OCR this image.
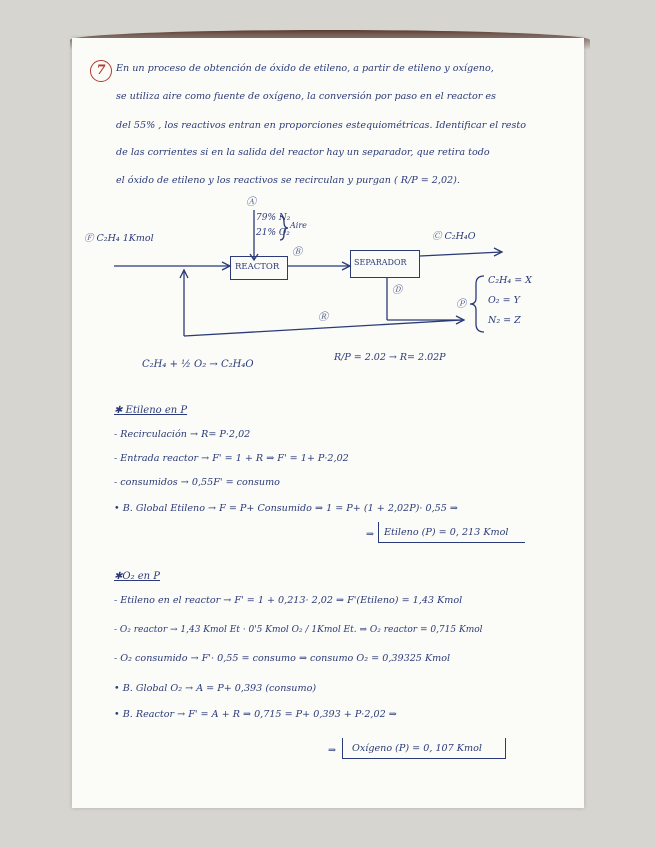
7	En un proceso de obtención de óxido de etileno, a partir de etileno y oxígeno,
se utiliza aire como fuente de oxígeno, la conversión por paso en el reactor es
del 55% , los reactivos entran en proporciones estequiométricas. Identificar el resto
de las corrientes si en la salida del reactor hay un separador, que retira todo
el óxido de etileno y los reactivos se recirculan y purgan ( R/P = 2,02).
Ⓐ
79% N₂
21% O₂
Aire
Ⓕ C₂H₄ 1Kmol
REACTOR
Ⓑ
SEPARADOR
Ⓒ C₂H₄O
Ⓓ
Ⓟ
Ⓡ
C₂H₄ = X
O₂ = Y
N₂ = Z
C₂H₄ + ½ O₂ → C₂H₄O
R/P = 2.02 → R= 2.02P
✱ Etileno en P
- Recirculación → R= P·2,02
- Entrada reactor → F' = 1 + R ⇒ F' = 1+ P·2,02
- consumidos → 0,55F' = consumo
• B. Global Etileno → F = P+ Consumido ⇒ 1 = P+ (1 + 2,02P)· 0,55 ⇒
⇒ Etileno (P) = 0, 213 Kmol
✱O₂ en P
- Etileno en el reactor → F' = 1 + 0,213· 2,02 ⇒ F'(Etileno) = 1,43 Kmol
- O₂ reactor → 1,43 Kmol Et · 0'5 Kmol O₂ / 1Kmol Et. ⇒ O₂ reactor = 0,715 Kmol
- O₂ consumido → F'· 0,55 = consumo ⇒ consumo O₂ = 0,39325 Kmol
• B. Global O₂ → A = P+ 0,393 (consumo)
• B. Reactor → F' = A + R ⇒ 0,715 = P+ 0,393 + P·2,02 ⇒
⇒ Oxígeno (P) = 0, 107 Kmol
